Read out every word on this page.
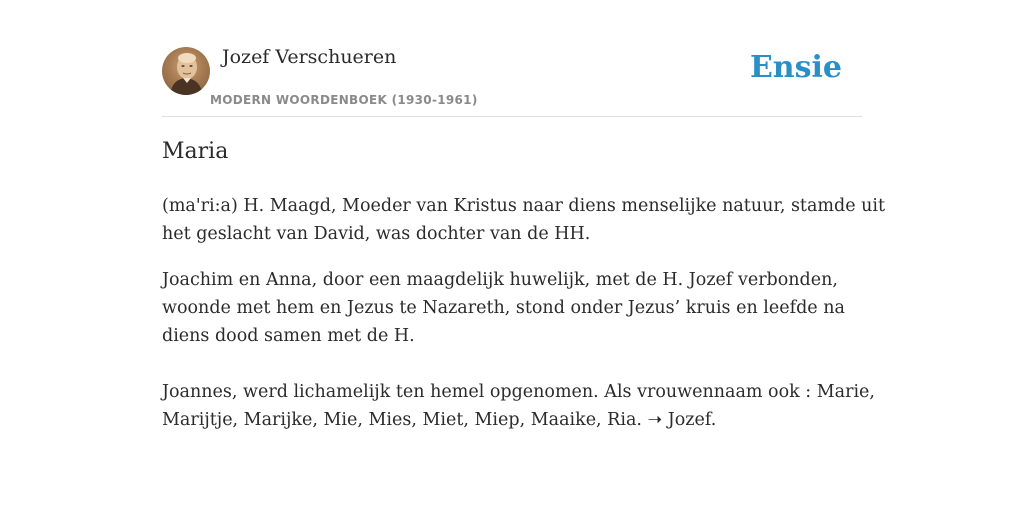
Jozef Verschueren
MODERN WOORDENBOEK (1930-1961)
Ensie
Maria

(ma'ri:a) H. Maagd, Moeder van Kristus naar diens menselijke natuur, stamde uit
het geslacht van David, was dochter van de HH.

Joachim en Anna, door een maagdelijk huwelijk, met de H. Jozef verbonden,
woonde met hem en Jezus te Nazareth, stond onder Jezus’ kruis en leefde na
diens dood samen met de H.

Joannes, werd lichamelijk ten hemel opgenomen. Als vrouwennaam ook : Marie,
Marijtje, Marijke, Mie, Mies, Miet, Miep, Maaike, Ria. ➝ Jozef.
